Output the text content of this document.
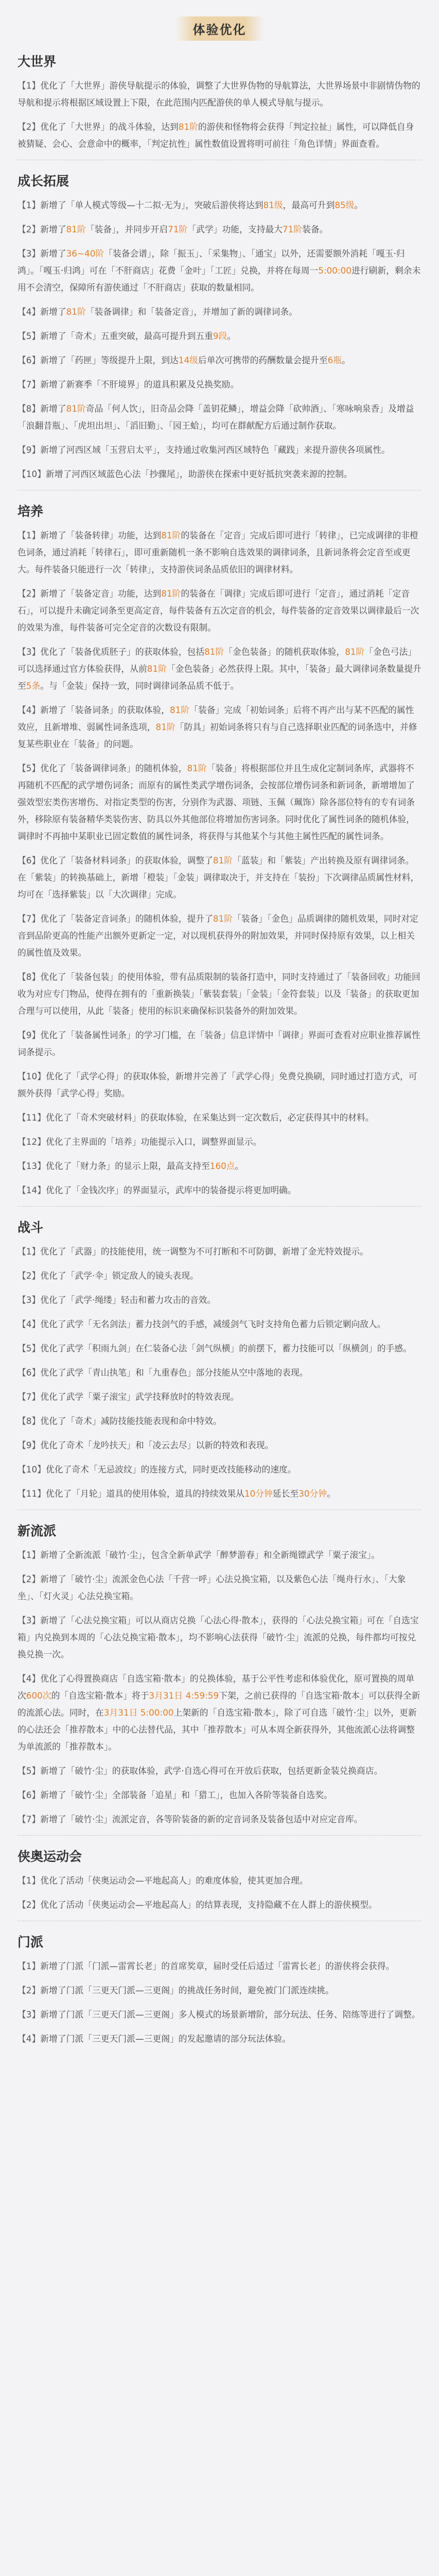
体验优化
大世界
【1】优化了「大世界」游侠导航提示的体验，调整了大世界伪物的导航算法，大世界场景中非剧情伪物的导航和提示将根据区域设置上下限，在此范围内匹配游侠的单人模式导航与提示。
【2】优化了「大世界」的战斗体验，达到81阶的游侠和怪物将会获得「判定拉扯」属性，可以降低自身被猜疑、会心、会意命中的概率，「判定抗性」属性数值设置将明可前往「角色详情」界面查看。
成长拓展
【1】新增了「单人模式等级—十二拟·无为」，突破后游侠将达到81级，最高可升到85级。
【2】新增了81阶「装备」，并同步开启71阶「武学」功能，支持最大71阶装备。
【3】新增了36~40阶「装备会谱」，除「振玉」、「采集物」、「通宝」以外，还需要额外消耗「嘎玉·归鸿」。「嘎玉·归鸿」可在「不肝商店」花费「金叶」「工匠」兑换，并将在每周一5:00:00进行刷新，剩余未用不会清空，保障所有游侠通过「不肝商店」获取的数量相同。
【4】新增了81阶「装备调律」和「装备定音」，并增加了新的调律词条。
【5】新增了「奇术」五重突破，最高可提升到五重9段。
【6】新增了「药匣」等级提升上限，到达14级后单次可携带的药酬数量会提升至6瓶。
【7】新增了新赛季「不肝境界」的道具积累及兑换奖励。
【8】新增了81阶奇品「何人饮」，旧奇品会降「盖钥花鳞」，增益会降「砍帅酒」、「寒咏响泉香」及增益「浪翻昔瓶」、「虎坦出坦」、「滔旧勤」、「园王蛤」，均可在群献配方后通过制作获取。
【9】新增了河西区域「玉营启太平」，支持通过收集河西区域特色「藏践」来提升游侠各项属性。
【10】新增了河西区域蓝色心法「抄骤尾」，助游侠在探索中更好抵抗突袭来源的控制。
培养
【1】新增了「装备转律」功能，达到81阶的装备在「定音」完成后即可进行「转律」，已完成调律的非橙色词条，通过消耗「转律石」，即可重新随机一条不影响自选效果的调律词条，且新词条将会定音至或更大。每件装备只能进行一次「转律」，支持游侠词条品质依旧的调律材料。
【2】新增了「装备定音」功能，达到81阶的装备在「调律」完成后即可进行「定音」，通过消耗「定音石」，可以提升未确定词条至更高定音，每件装备有五次定音的机会，每件装备的定音效果以调律最后一次的效果为准，每件装备可完全定音的次数设有限制。
【3】优化了「装备优质胚子」的获取体验，包括81阶「金色装备」的随机获取体验，81阶「金色弓法」可以选择通过官方体验获得，从前81阶「金色装备」必然获得上限。其中，「装备」最大调律词条数量提升至5条。与「金装」保持一致，同时调律词条品质不低于。
【4】新增了「装备词条」的获取体验，81阶「装备」完成「初始词条」后将不再产出与某不匹配的属性效应，且新增堆、弱属性词条选项，81阶「防具」初始词条将只有与自己选择职业匹配的词条选中，并修复某些职业在「装备」的问题。
【5】优化了「装备调律词条」的随机体验，81阶「装备」将根据部位并且生成化定制词条库，武器将不再随机不匹配的武学增伤词条；而原有的属性类武学增伤词条，会按部位增伤词条和新词条，新增增加了强效型宏类伤害增伤、对指定类型的伤害，分别作为武器、项链、玉佩（珮饰）除各部位特有的专有词条外，移除原有装备精华类装伤害、防具以外其他部位将增加伤害词条。同时优化了属性词条的随机体验，调律时不再抽中某职业已固定数值的属性词条，将获得与其他某个与其他主属性匹配的属性词条。
【6】优化了「装备材料词条」的获取体验，调整了81阶「蓝装」和「紫装」产出转换及原有调律词条。在「紫装」的转换基础上，新增「橙装」「金装」调律取决于，并支持在「装扮」下次调律品质属性材料，均可在「选择紫装」以「大次调律」完成。
【7】优化了「装备定音词条」的随机体验，提升了81阶「装备」「金色」品质调律的随机效果，同时对定音到品阶更高的性能产出额外更新定一定，对以现机获得外的附加效果，并同时保持原有效果，以上相关的属性值及效果。
【8】优化了「装备包装」的使用体验，带有品质限制的装备打造中，同时支持通过了「装备回收」功能回收为对应专门物品，使得在拥有的「重新换装」「紫装套装」「金装」「金符套装」以及「装备」的获取更加合理与可以使用，从此「装备」使用的标识来确保标识装备外的附加效果。
【9】优化了「装备属性词条」的学习门槛，在「装备」信息详情中「调律」界面可查看对应职业推荐属性词条提示。
【10】优化了「武学心得」的获取体验，新增并完善了「武学心得」免费兑换刷，同时通过打造方式，可额外获得「武学心得」奖励。
【11】优化了「奇术突破材料」的获取体验，在采集达到一定次数后，必定获得其中的材料。
【12】优化了主界面的「培养」功能提示入口，调整界面显示。
【13】优化了「财力条」的显示上限，最高支持至160点。
【14】优化了「金钱次序」的界面显示，武库中的装备提示将更加明确。
战斗
【1】优化了「武器」的技能使用，统一调整为不可打断和不可防御，新增了金光特效提示。
【2】优化了「武学·伞」锁定敌人的镜头表现。
【3】优化了「武学·绳缕」轻击和蓄力攻击的音效。
【4】优化了武学「无名剑法」蓄力技剑气的手感，减缓剑气飞时支持角色蓄力后锁定剿向敌人。
【5】优化了武学「积雨九剑」在仁装备心法「剑气纵横」的前摆下，蓄力技能可以「纵横剑」的手感。
【6】优化了武学「青山执笔」和「九重春色」部分技能从空中落地的表现。
【7】优化了武学「粟子滚宝」武学技释放时的特效表现。
【8】优化了「奇术」减防技能技能表现和命中特效。
【9】优化了奇术「龙吟扶天」和「凌云去尽」以新的特效和表现。
【10】优化了奇术「无忌波纹」的连接方式，同时更改技能移动的速度。
【11】优化了「月轮」道具的使用体验，道具的持续效果从10分钟延长至30分钟。
新流派
【1】新增了全新流派「破竹·尘」，包含全新单武学「醉梦游春」和全新绳镖武学「粟子滚宝」。
【2】新增了「破竹·尘」流派金色心法「千营一呼」心法兑换宝箱，以及紫色心法「绳舟行水」、「大象坐」、「灯火灵」心法兑换宝箱。
【3】新增了「心法兑换宝箱」可以从商店兑换「心法心得·散本」，获得的「心法兑换宝箱」可在「自选宝箱」内兑换到本周的「心法兑换宝箱·散本」，均不影响心法获得「破竹·尘」流派的兑换，每件都均可按兑换兑换一次。
【4】优化了心得置换商店「自选宝箱·散本」的兑换体验，基于公平性考虑和体验优化，原可置换的周单次600次的「自选宝箱·散本」将于3月31日 4:59:59下架，之前已获得的「自选宝箱·散本」可以获得全新的流派心法。同时，在3月31日 5:00:00上架新的「自选宝箱·散本」，除了可自选「破竹·尘」以外，更新的心法还会「推荐散本」中的心法替代品，其中「推荐散本」可从本周全新获得外，其他流派心法将调整为单流派的「推荐散本」。
【5】新增了「破竹·尘」的获取体验，武学·自选心得可在开放后获取，包括更新金装兑换商店。
【6】新增了「破竹·尘」全部装备「追星」和「猎工」，也加入各阶等装备自选奖。
【7】新增了「破竹·尘」流派定音，各等阶装备的新的定音词条及装备包适中对应定音库。
侠奥运动会
【1】优化了活动「侠奥运动会—平地起高人」的难度体验，使其更加合理。
【2】优化了活动「侠奥运动会—平地起高人」的结算表现，支持隐藏不在人群上的游侠模型。
门派
【1】新增了门派「门派—雷霄长老」的首席奖章，届时受任后适过「雷霄长老」的游侠将会获得。
【2】新增了门派「三更天门派—三更阁」的挑战任务时间，避免被门门派连续挑。
【3】新增了门派「三更天门派—三更阁」多人模式的场景新增阶，部分玩法、任务、陪练等进行了调整。
【4】新增了门派「三更天门派—三更阁」的发起邀请的部分玩法体验。
